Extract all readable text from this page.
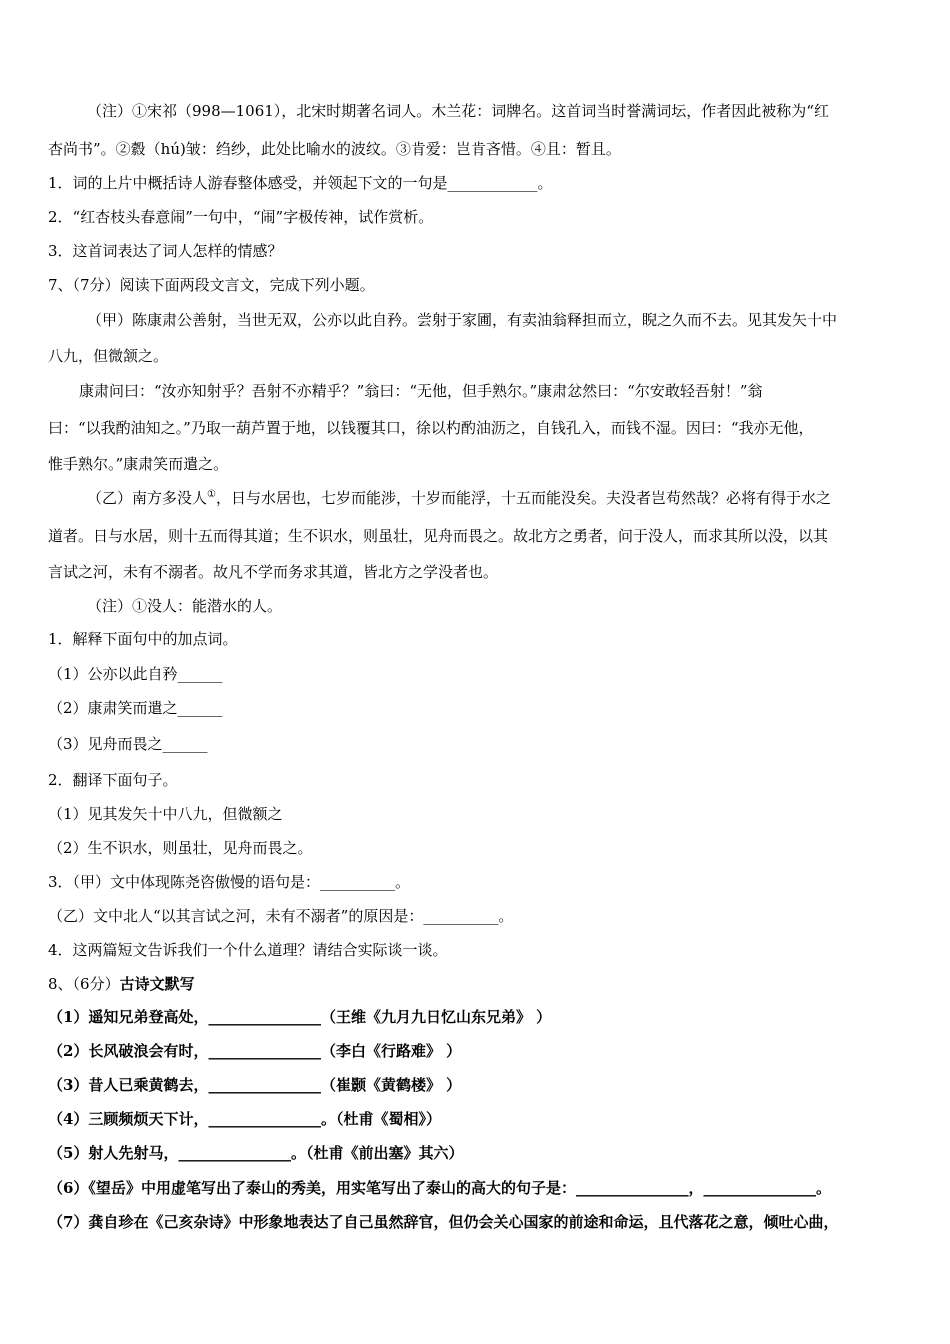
（注）①宋祁（998—1061），北宋时期著名词人。木兰花：词牌名。这首词当时誉满词坛，作者因此被称为“红
杏尚书”。②縠（hú)皱：绉纱，此处比喻水的波纹。③肯爱：岂肯吝惜。④且：暂且。
1．词的上片中概括诗人游春整体感受，并领起下文的一句是____________。
2．“红杏枝头春意闹”一句中，“闹”字极传神，试作赏析。
3．这首词表达了词人怎样的情感？
7、（7分）阅读下面两段文言文，完成下列小题。
（甲）陈康肃公善射，当世无双，公亦以此自矜。尝射于家圃，有卖油翁释担而立，睨之久而不去。见其发矢十中
八九，但微颔之。
康肃问曰：“汝亦知射乎？吾射不亦精乎？”翁曰：“无他，但手熟尔。”康肃忿然曰：“尔安敢轻吾射！”翁
曰：“以我酌油知之。”乃取一葫芦置于地，以钱覆其口，徐以杓酌油沥之，自钱孔入，而钱不湿。因曰：“我亦无他，
惟手熟尔。”康肃笑而遣之。
（乙）南方多没人①，日与水居也，七岁而能涉，十岁而能浮，十五而能没矣。夫没者岂苟然哉？必将有得于水之
道者。日与水居，则十五而得其道；生不识水，则虽壮，见舟而畏之。故北方之勇者，问于没人，而求其所以没，以其
言试之河，未有不溺者。故凡不学而务求其道，皆北方之学没者也。
（注）①没人：能潜水的人。
1．解释下面句中的加点词。
（1）公亦以此自矜______
（2）康肃笑而遣之______
（3）见舟而畏之______
2．翻译下面句子。
（1）见其发矢十中八九，但微额之
（2）生不识水，则虽壮，见舟而畏之。
3．（甲）文中体现陈尧咨傲慢的语句是：__________。
（乙）文中北人“以其言试之河，未有不溺者”的原因是：__________。
4．这两篇短文告诉我们一个什么道理？请结合实际谈一谈。
8、（6分）古诗文默写
（1）遥知兄弟登高处，_______________（王维《九月九日忆山东兄弟》 ）
（2）长风破浪会有时，_______________（李白《行路难》 ）
（3）昔人已乘黄鹤去，_______________（崔颢《黄鹤楼》 ）
（4）三顾频烦天下计，_______________。（杜甫《蜀相》）
（5）射人先射马，_______________。（杜甫《前出塞》其六）
（6）《望岳》中用虚笔写出了泰山的秀美，用实笔写出了泰山的高大的句子是：_______________，_______________。
（7）龚自珍在《己亥杂诗》中形象地表达了自己虽然辞官，但仍会关心国家的前途和命运，且代落花之意，倾吐心曲，
